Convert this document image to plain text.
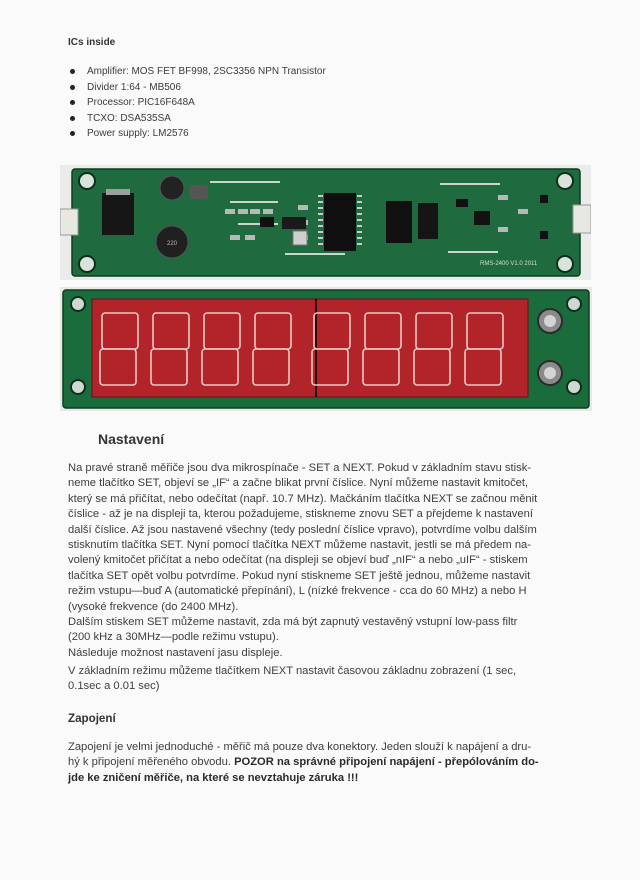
ICs inside
Amplifier: MOS FET BF998, 2SC3356 NPN Transistor
Divider 1:64 - MB506
Processor: PIC16F648A
TCXO: DSA535SA
Power supply: LM2576
220
RMS-2400 V1.0 2011
Nastavení

Na pravé straně měřiče jsou dva mikrospínače - SET a NEXT. Pokud v základním stavu stisk-
neme tlačítko SET, objeví se „IF“ a začne blikat první číslice. Nyní můžeme nastavit kmitočet,
který se má přičítat, nebo odečítat (např. 10.7 MHz). Mačkáním tlačítka NEXT se začnou měnit
číslice - až je na displeji ta, kterou požadujeme, stiskneme znovu SET a přejdeme k nastavení
další číslice. Až jsou nastavené všechny (tedy poslední číslice vpravo), potvrdíme volbu dalším
stisknutím tlačítka SET. Nyní pomocí tlačítka NEXT můžeme nastavit, jestli se má předem na-
volený kmitočet přičítat a nebo odečítat (na displeji se objeví buď „nIF“ a nebo „uIF“ - stiskem
tlačítka SET opět volbu potvrdíme. Pokud nyní stiskneme SET ještě jednou, můžeme nastavit
režim vstupu—buď A (automatické přepínání), L (nízké frekvence - cca do 60 MHz) a nebo H
(vysoké frekvence (do 2400 MHz).
Dalším stiskem SET můžeme nastavit, zda má být zapnutý vestavěný vstupní low-pass filtr
(200 kHz a 30MHz—podle režimu vstupu).
Následuje možnost nastavení jasu displeje.

V základním režimu můžeme tlačítkem NEXT nastavit časovou základnu zobrazení (1 sec,
0.1sec a 0.01 sec)

Zapojení

Zapojení je velmi jednoduché - měřič má pouze dva konektory. Jeden slouží k napájení a dru-
hý k připojení měřeného obvodu. POZOR na správné připojení napájení - přepólováním do-
jde ke zničení měřiče, na které se nevztahuje záruka !!!
